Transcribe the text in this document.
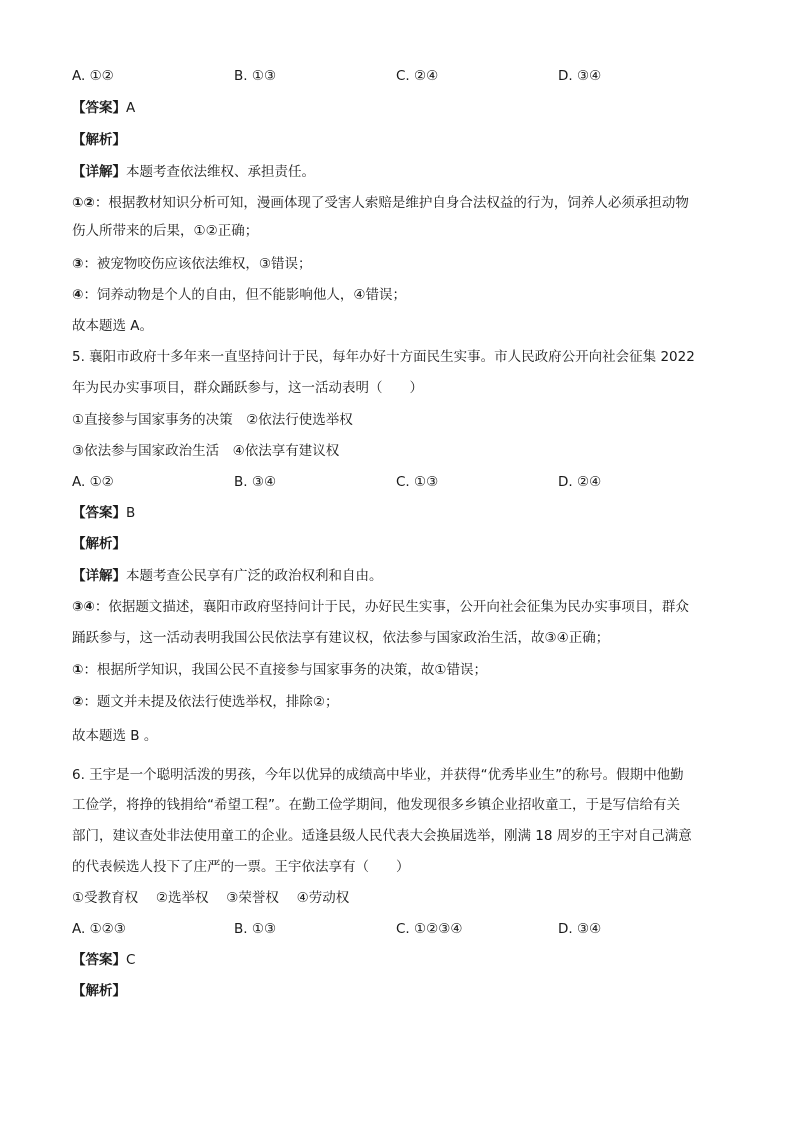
A. ①②	B. ①③	C. ②④	D. ③④
【答案】A
【解析】
【详解】本题考查依法维权、承担责任。
①②：根据教材知识分析可知，漫画体现了受害人索赔是维护自身合法权益的行为，饲养人必须承担动物
伤人所带来的后果，①②正确；
③：被宠物咬伤应该依法维权，③错误；
④：饲养动物是个人的自由，但不能影响他人，④错误；
故本题选 A。
5. 襄阳市政府十多年来一直坚持问计于民，每年办好十方面民生实事。市人民政府公开向社会征集 2022
年为民办实事项目，群众踊跃参与，这一活动表明（　　）
①直接参与国家事务的决策　②依法行使选举权
③依法参与国家政治生活　④依法享有建议权
A. ①②	B. ③④	C. ①③	D. ②④
【答案】B
【解析】
【详解】本题考查公民享有广泛的政治权利和自由。
③④：依据题文描述，襄阳市政府坚持问计于民，办好民生实事，公开向社会征集为民办实事项目，群众
踊跃参与，这一活动表明我国公民依法享有建议权，依法参与国家政治生活，故③④正确；
①：根据所学知识，我国公民不直接参与国家事务的决策，故①错误；
②：题文并未提及依法行使选举权，排除②；
故本题选 B 。
6. 王宇是一个聪明活泼的男孩，今年以优异的成绩高中毕业，并获得“优秀毕业生”的称号。假期中他勤
工俭学，将挣的钱捐给“希望工程”。在勤工俭学期间，他发现很多乡镇企业招收童工，于是写信给有关
部门，建议查处非法使用童工的企业。适逢县级人民代表大会换届选举，刚满 18 周岁的王宇对自己满意
的代表候选人投下了庄严的一票。王宇依法享有（　　）
①受教育权　 ②选举权　 ③荣誉权　 ④劳动权
A. ①②③	B. ①③	C. ①②③④	D. ③④
【答案】C
【解析】
